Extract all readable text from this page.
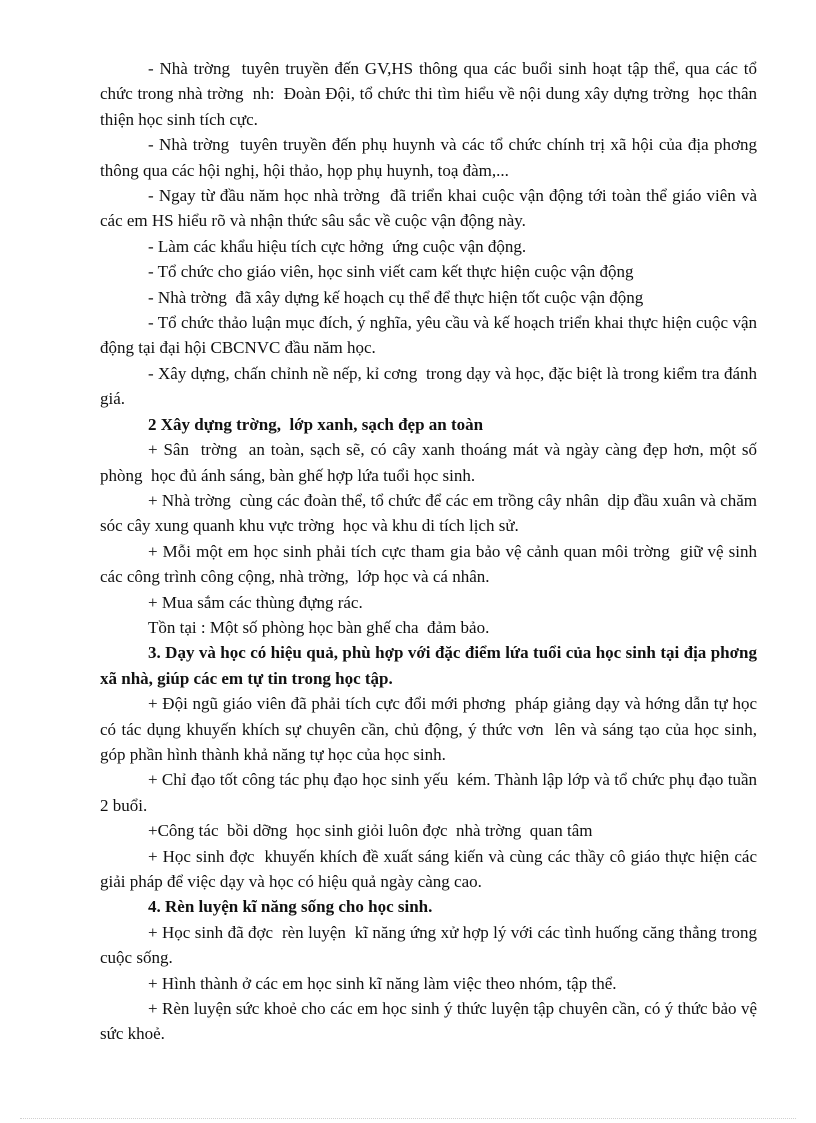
- Nhà trờng  tuyên truyền đến GV,HS thông qua các buổi sinh hoạt tập thể, qua các tổ chức trong nhà trờng  nh:  Đoàn Đội, tổ chức thi tìm hiểu về nội dung xây dựng trờng  học thân thiện học sinh tích cực.

- Nhà trờng  tuyên truyền đến phụ huynh và các tổ chức chính trị xã hội của địa phơng  thông qua các hội nghị, hội thảo, họp phụ huynh, toạ đàm,...

- Ngay từ đầu năm học nhà trờng  đã triển khai cuộc vận động tới toàn thể giáo viên và các em HS hiểu rõ và nhận thức sâu sắc về cuộc vận động này.

- Làm các khẩu hiệu tích cực hởng  ứng cuộc vận động.

- Tổ chức cho giáo viên, học sinh viết cam kết thực hiện cuộc vận động

- Nhà trờng  đã xây dựng kế hoạch cụ thể để thực hiện tốt cuộc vận động

- Tổ chức thảo luận mục đích, ý nghĩa, yêu cầu và kế hoạch triển khai thực hiện cuộc vận động tại đại hội CBCNVC đầu năm học.

- Xây dựng, chấn chỉnh nề nếp, kỉ cơng  trong dạy và học, đặc biệt là trong kiểm tra đánh giá.

2 Xây dựng trờng,  lớp xanh, sạch đẹp an toàn

+ Sân  trờng  an toàn, sạch sẽ, có cây xanh thoáng mát và ngày càng đẹp hơn, một số phòng  học đủ ánh sáng, bàn ghế hợp lứa tuổi học sinh.

+ Nhà trờng  cùng các đoàn thể, tổ chức để các em trồng cây nhân  dịp đầu xuân và chăm sóc cây xung quanh khu vực trờng  học và khu di tích lịch sử.

+ Mỗi một em học sinh phải tích cực tham gia bảo vệ cảnh quan môi trờng  giữ vệ sinh các công trình công cộng, nhà trờng,  lớp học và cá nhân.

+ Mua sắm các thùng đựng rác.

Tồn tại : Một số phòng học bàn ghế cha  đảm bảo.

3. Dạy và học có hiệu quả, phù hợp với đặc điểm lứa tuổi của học sinh tại địa phơng  xã nhà, giúp các em tự tin trong học tập.

+ Đội ngũ giáo viên đã phải tích cực đổi mới phơng  pháp giảng dạy và hớng dẫn tự học có tác dụng khuyến khích sự chuyên cần, chủ động, ý thức vơn  lên và sáng tạo của học sinh, góp phần hình thành khả năng tự học của học sinh.

+ Chỉ đạo tốt công tác phụ đạo học sinh yếu  kém. Thành lập lớp và tổ chức phụ đạo tuần 2 buổi.

+Công tác  bồi dỡng  học sinh giỏi luôn đợc  nhà trờng  quan tâm

+ Học sinh đợc  khuyến khích đề xuất sáng kiến và cùng các thầy cô giáo thực hiện các giải pháp để việc dạy và học có hiệu quả ngày càng cao.

4. Rèn luyện kĩ năng sống cho học sinh.

+ Học sinh đã đợc  rèn luyện  kĩ năng ứng xử hợp lý với các tình huống căng thẳng trong cuộc sống.

+ Hình thành ở các em học sinh kĩ năng làm việc theo nhóm, tập thể.

+ Rèn luyện sức khoẻ cho các em học sinh ý thức luyện tập chuyên cần, có ý thức bảo vệ sức khoẻ.
